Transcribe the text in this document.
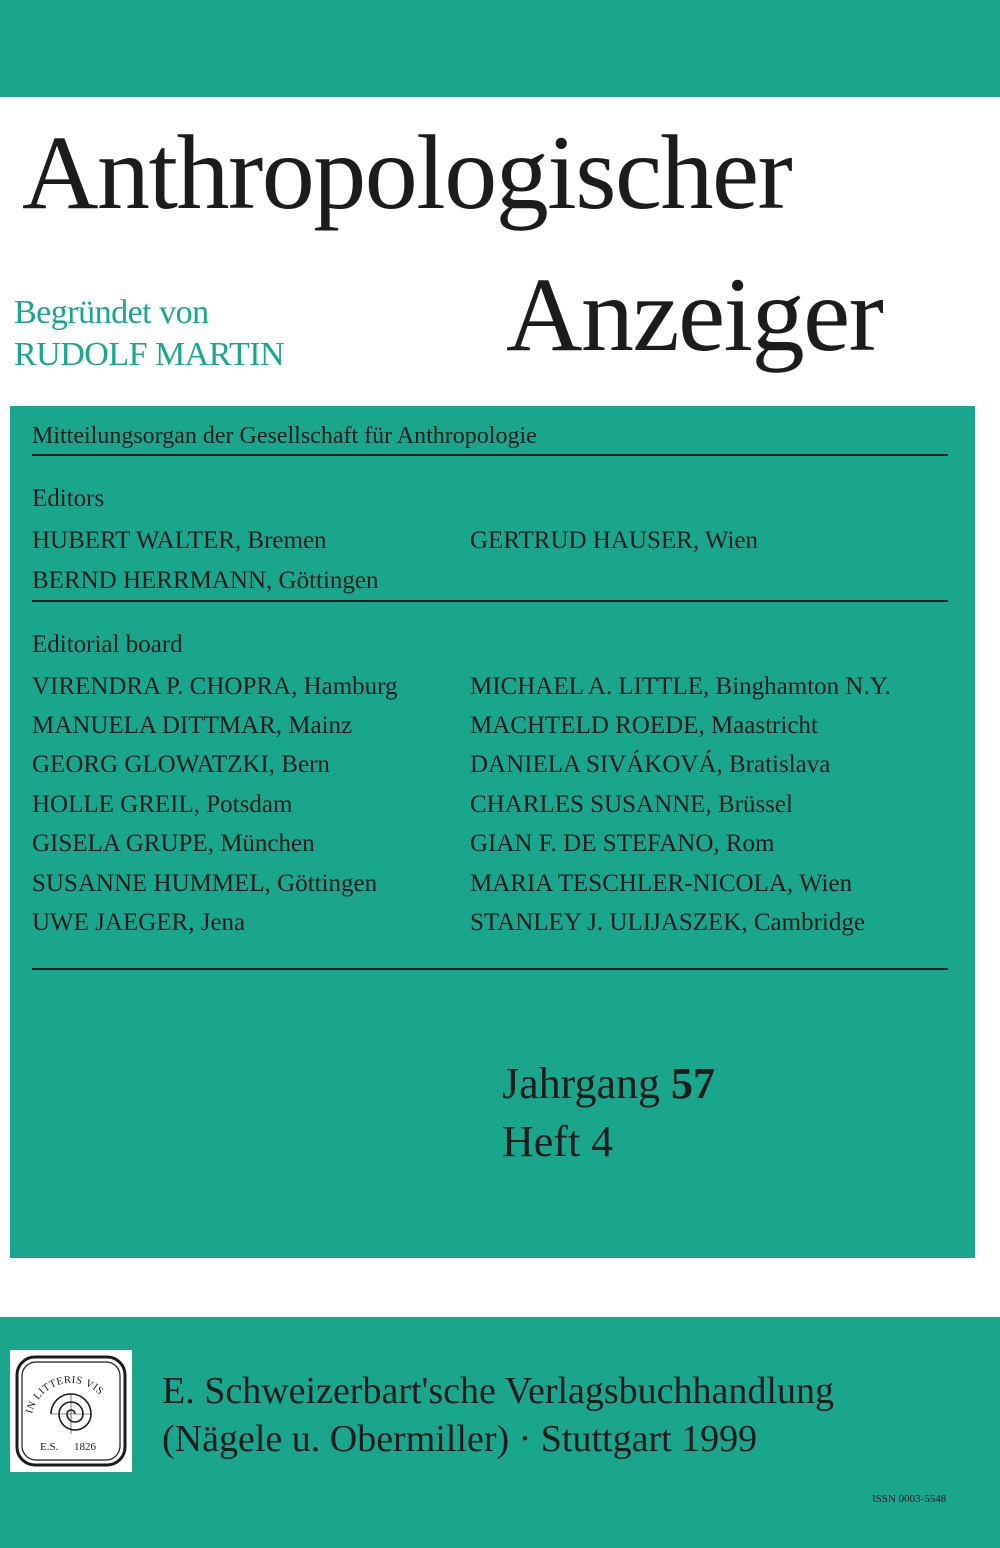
Anthropologischer
Anzeiger
Begründet von
RUDOLF MARTIN
Mitteilungsorgan der Gesellschaft für Anthropologie
Editors
HUBERT WALTER, Bremen	GERTRUD HAUSER, Wien
BERND HERRMANN, Göttingen
Editorial board
VIRENDRA P. CHOPRA, Hamburg
MANUELA DITTMAR, Mainz
GEORG GLOWATZKI, Bern
HOLLE GREIL, Potsdam
GISELA GRUPE, München
SUSANNE HUMMEL, Göttingen
UWE JAEGER, Jena
MICHAEL A. LITTLE, Binghamton N.Y.
MACHTELD ROEDE, Maastricht
DANIELA SIVÁKOVÁ, Bratislava
CHARLES SUSANNE, Brüssel
GIAN F. DE STEFANO, Rom
MARIA TESCHLER-NICOLA, Wien
STANLEY J. ULIJASZEK, Cambridge
Jahrgang 57
Heft 4
IN LITTERIS VIS
E.S. 1826
E. Schweizerbart'sche Verlagsbuchhandlung
(Nägele u. Obermiller) · Stuttgart 1999
ISSN 0003-5548
